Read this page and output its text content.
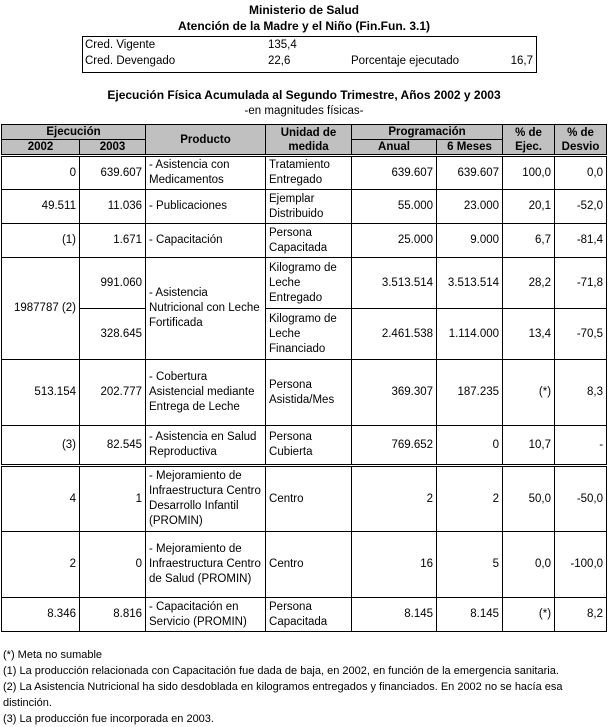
Ministerio de Salud
Atención de la Madre y el Niño (Fin.Fun. 3.1)
Cred. Vigente	135,4
Cred. Devengado	22,6	Porcentaje ejecutado	16,7
Ejecución Física Acumulada al Segundo Trimestre, Años 2002 y 2003
-en magnitudes físicas-
Ejecución		Producto	Unidad de medida	Programación		% de Ejec.	% de Desvio
2002	2003			Anual	6 Meses		
0	639.607	- Asistencia con Medicamentos	Tratamiento Entregado	639.607	639.607	100,0	0,0
49.511	11.036	- Publicaciones	Ejemplar Distribuido	55.000	23.000	20,1	-52,0
(1)	1.671	- Capacitación	Persona Capacitada	25.000	9.000	6,7	-81,4
1987787 (2)	991.060	- Asistencia Nutricional con Leche Fortificada	Kilogramo de Leche Entregado	3.513.514	3.513.514	28,2	-71,8
	328.645		Kilogramo de Leche Financiado	2.461.538	1.114.000	13,4	-70,5
513.154	202.777	- Cobertura Asistencial mediante Entrega de Leche	Persona Asistida/Mes	369.307	187.235	(*)	8,3
(3)	82.545	- Asistencia en Salud Reproductiva	Persona Cubierta	769.652	0	10,7	-
4	1	- Mejoramiento de Infraestructura Centro Desarrollo Infantil (PROMIN)	Centro	2	2	50,0	-50,0
2	0	- Mejoramiento de Infraestructura Centro de Salud (PROMIN)	Centro	16	5	0,0	-100,0
8.346	8.816	- Capacitación en Servicio (PROMIN)	Persona Capacitada	8.145	8.145	(*)	8,2
(*) Meta no sumable
(1) La producción relacionada con Capacitación fue dada de baja, en 2002, en función de la emergencia sanitaria.
(2) La Asistencia Nutricional ha sido desdoblada en kilogramos entregados y financiados. En 2002 no se hacía esa distinción.
(3) La producción fue incorporada en 2003.
